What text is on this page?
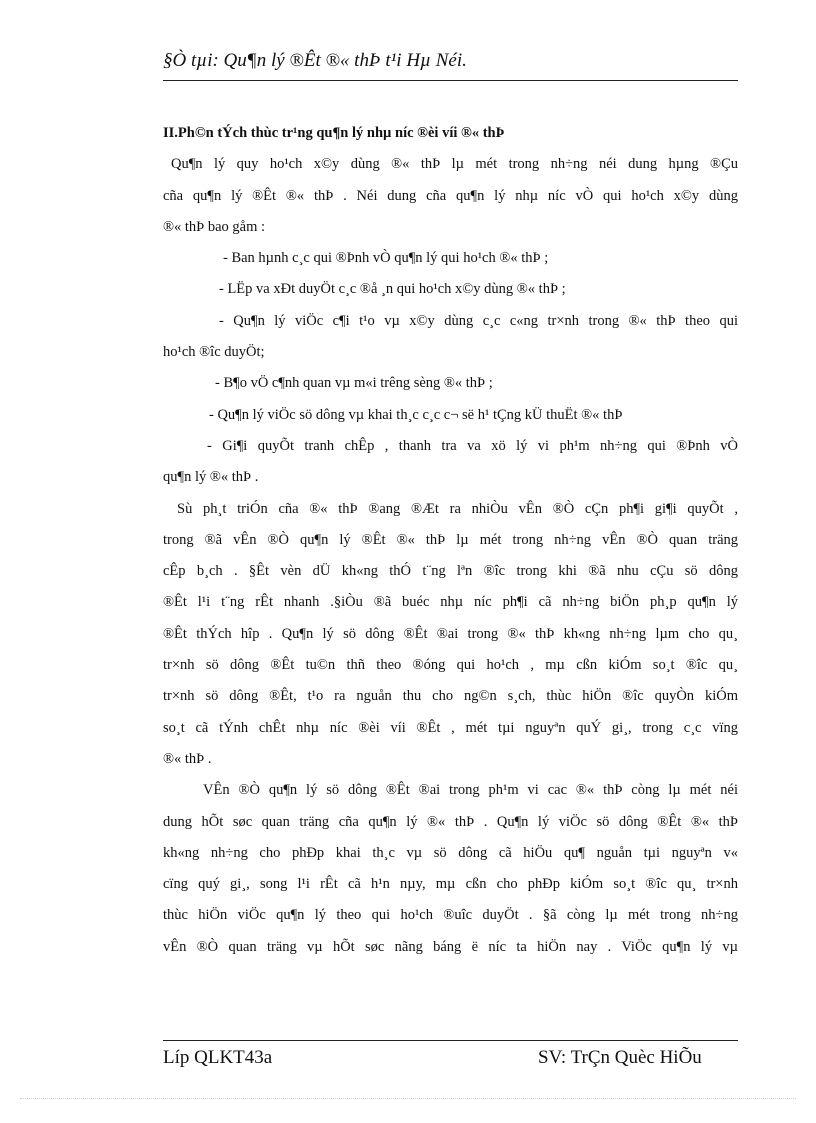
§Ò tµi: Qu¶n lý ®Êt ®« thÞ t¹i Hµ Néi.
II.Ph©n tÝch thùc tr¹ng qu¶n lý nhµ níc ®èi víi ®« thÞ
Qu¶n lý quy ho¹ch x©y dùng ®« thÞ lµ mét trong nh÷ng néi dung hµng ®Çu
cña qu¶n lý ®Êt ®« thÞ . Néi dung cña qu¶n lý nhµ níc vÒ qui ho¹ch x©y dùng
®« thÞ bao gåm :
- Ban hµnh c¸c qui ®Þnh vÒ qu¶n lý qui ho¹ch ®« thÞ ;
- LËp va xÐt duyÖt c¸c ®å ¸n qui ho¹ch x©y dùng ®« thÞ ;
- Qu¶n lý viÖc c¶i t¹o vµ x©y dùng c¸c c«ng tr×nh trong ®« thÞ theo qui
ho¹ch ®îc duyÖt;
- B¶o vÖ c¶nh quan vµ m«i trêng sèng ®« thÞ ;
- Qu¶n lý viÖc sö dông vµ khai th¸c c¸c c¬ së h¹ tÇng kÜ thuËt ®« thÞ
- Gi¶i quyÕt tranh chÊp , thanh tra va xö lý vi ph¹m nh÷ng qui ®Þnh vÒ
qu¶n lý ®« thÞ .
Sù ph¸t triÓn cña ®« thÞ ®ang ®Æt ra nhiÒu vÊn ®Ò cÇn ph¶i gi¶i quyÕt ,
trong ®ã vÊn ®Ò qu¶n lý ®Êt ®« thÞ lµ mét trong nh÷ng vÊn ®Ò quan träng
cÊp b¸ch . §Êt vèn dÜ kh«ng thÓ t¨ng lªn ®îc trong khi ®ã nhu cÇu sö dông
®Êt l¹i t¨ng rÊt nhanh .§iÒu ®ã buéc nhµ níc ph¶i cã nh÷ng biÖn ph¸p qu¶n lý
®Êt thÝch hîp . Qu¶n lý sö dông ®Êt ®ai trong ®« thÞ kh«ng nh÷ng lµm cho qu¸
tr×nh sö dông ®Êt tu©n thñ theo ®óng qui ho¹ch , mµ cßn kiÓm so¸t ®îc qu¸
tr×nh sö dông ®Êt, t¹o ra nguån thu cho ng©n s¸ch, thùc hiÖn ®îc quyÒn kiÓm
so¸t cã tÝnh chÊt nhµ níc ®èi víi ®Êt , mét tµi nguyªn quÝ gi¸, trong c¸c vïng
®« thÞ .
VÊn ®Ò qu¶n lý sö dông ®Êt ®ai trong ph¹m vi cac ®« thÞ còng lµ mét néi
dung hÕt søc quan träng cña qu¶n lý ®« thÞ . Qu¶n lý viÖc sö dông ®Êt ®« thÞ
kh«ng nh÷ng cho phÐp khai th¸c vµ sö dông cã hiÖu qu¶ nguån tµi nguyªn v«
cïng quý gi¸, song l¹i rÊt cã h¹n nµy, mµ cßn cho phÐp kiÓm so¸t ®îc qu¸ tr×nh
thùc hiÖn viÖc qu¶n lý theo qui ho¹ch ®uîc duyÖt . §ã còng lµ mét trong nh÷ng
vÊn ®Ò quan träng vµ hÕt søc nãng báng ë níc ta hiÖn nay . ViÖc qu¶n lý vµ
Líp QLKT43a	SV: TrÇn Quèc HiÕu
